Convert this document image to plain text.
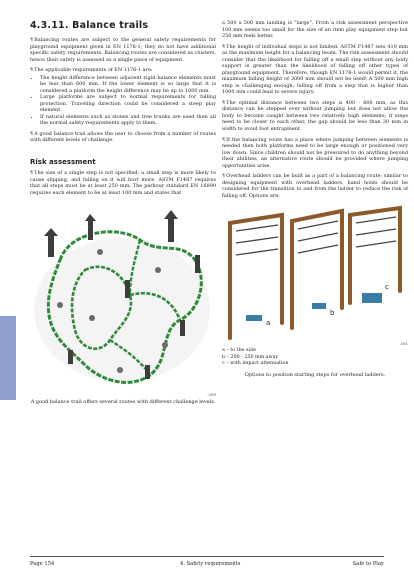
4.3.11. Balance trails

¶Balancing routes are subject to the general safety requirements for playground equipment given in EN 1176-1; they do not have additional specific safety requirements. Balancing routes are considered as clusters, hence their safety is assessed as a single piece of equipment.

¶The applicable requirements of EN 1176-1 are:

• The height difference between adjacent rigid balance elements must be less than 600 mm. If the lower element is so large that it is considered a platform the height difference may be up to 1000 mm.
• Large platforms are subject to normal requirements for falling protection. Traveling direction could be considered a steep play element.
• If natural elements such as stones and tree trunks are used then all the normal safety requirements apply to them.

¶A good balance trail allows the user to choose from a number of routes with different levels of challenge.

Risk assessment

¶The size of a single step is not specified; a small step is more likely to cause slipping, and falling on it will hurt more. ASTM F1487 requires that all steps must be at least 250 mm. The parkour standard EN 16899 requires each element to be at least 100 mm and states that

300
A good balance trail offers several routes with different challenge levels.

a 500 x 500 mm landing is "large". From a risk assessment perspective 100 mm seems too small for the size of an item play equipment step but 250 mm feels better.

¶The height of individual steps is not limited. ASTM F1487 sets 410 mm as the maximum height for a balancing beam. The risk assessment should consider that the likelihood for falling off a small step without any body support is greater than the likelihood of falling off other types of playground equipment. Therefore, though EN 1176-1 would permit it, the maximum falling height of 3000 mm should not be used! A 500 mm high step is challenging enough; falling off from a step that is higher than 1000 mm could lead to severe injury.

¶The optimal distance between two steps is 400 - 600 mm, as this distance can be stepped over without jumping but does not allow the body to become caught between two relatively high elements; if steps need to be closer to each other, the gap should be less than 30 mm in width to avoid foot entrapment.

¶If the balancing route has a place where jumping between elements is needed then both platforms need to be large enough or positioned very low down. Since children should not be pressured to do anything beyond their abilities, an alternative route should be provided where jumping opportunities arise.

¶Overhead ladders can be built as a part of a balancing route; similar to designing equipment with overhead ladders, hand holds should be considered for the transition to and from the ladder to reduce the risk of falling off. Options are:

a
b
c
301
a – to the side
b – 200 - 250 mm away
c – with impact attenuation
Options to position starting steps for overhead ladders.
Page 154	4. Safety requirements	Safe to Play
